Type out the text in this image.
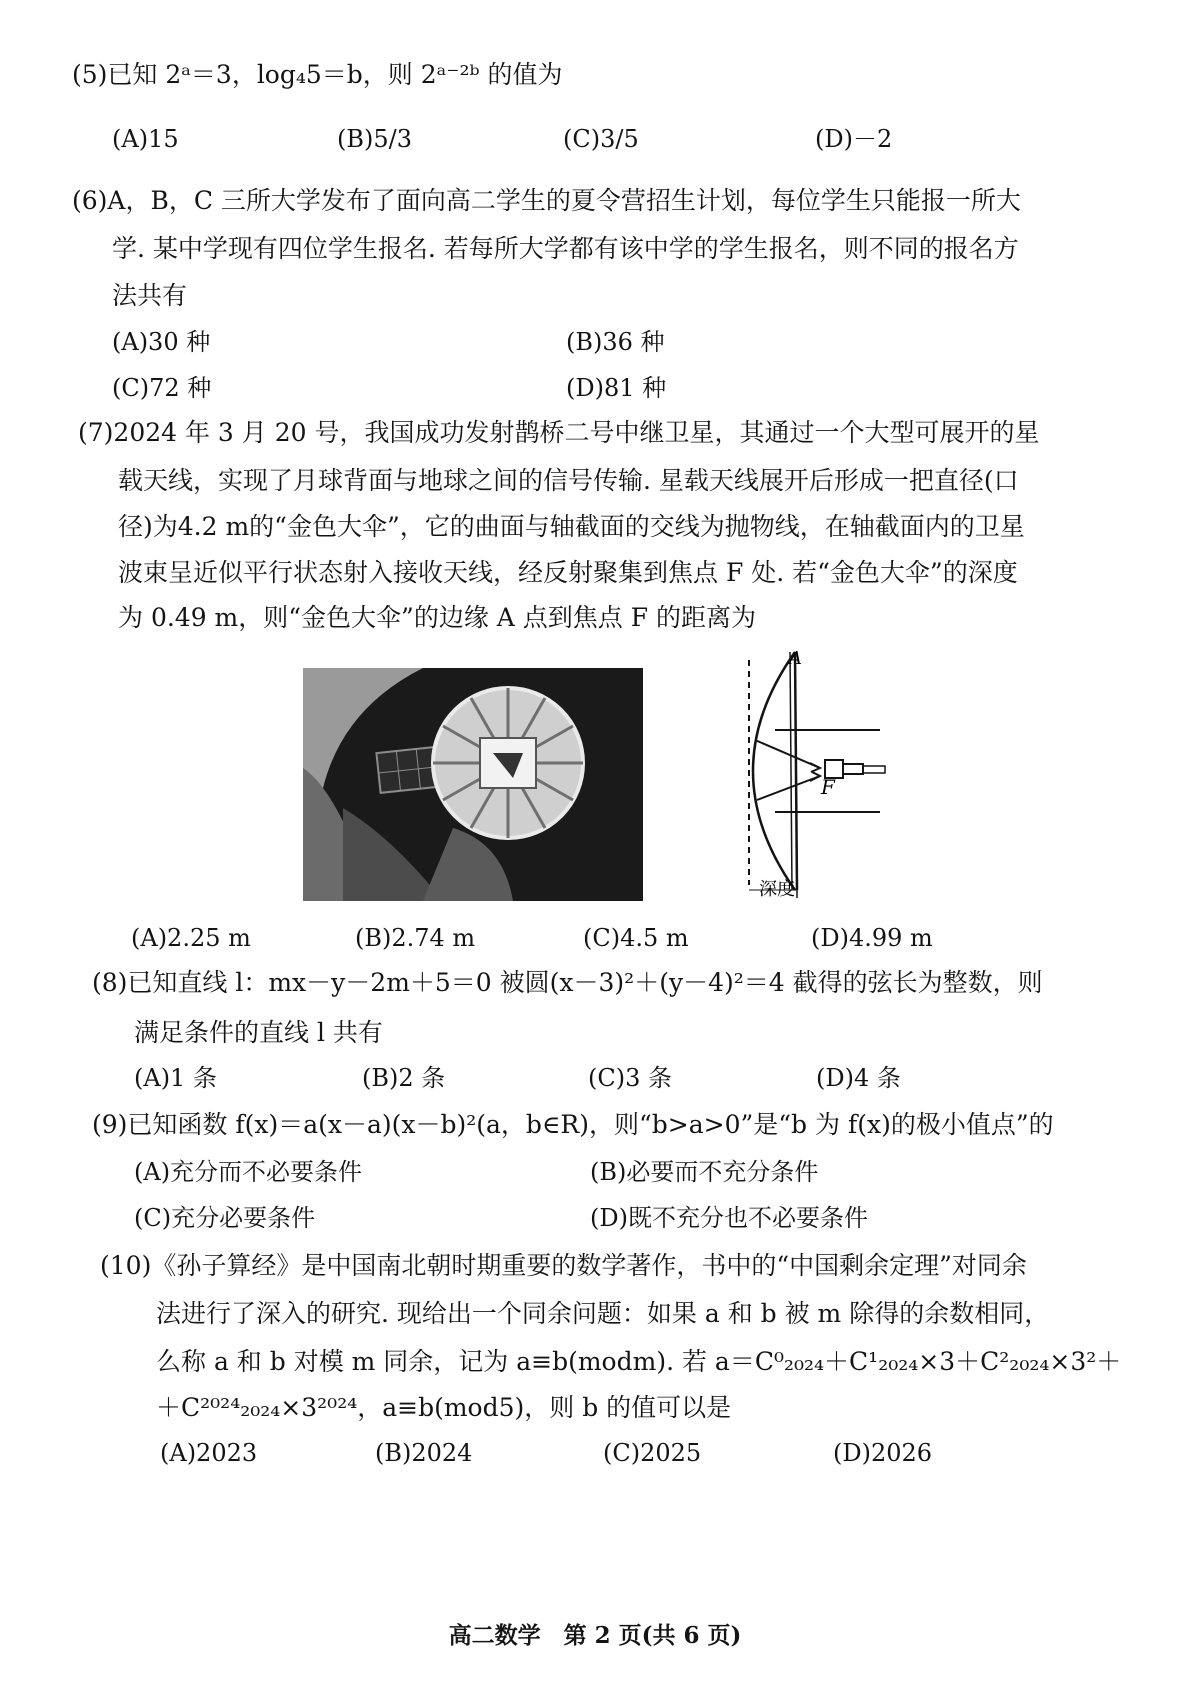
(5)已知 2ᵃ＝3，log₄5＝b，则 2ᵃ⁻²ᵇ 的值为
(A)15	(B)5/3	(C)3/5	(D)－2
(6)A，B，C 三所大学发布了面向高二学生的夏令营招生计划，每位学生只能报一所大
学. 某中学现有四位学生报名. 若每所大学都有该中学的学生报名，则不同的报名方
法共有
(A)30 种	(B)36 种
(C)72 种	(D)81 种
(7)2024 年 3 月 20 号，我国成功发射鹊桥二号中继卫星，其通过一个大型可展开的星
载天线，实现了月球背面与地球之间的信号传输. 星载天线展开后形成一把直径(口
径)为4.2 m的“金色大伞”，它的曲面与轴截面的交线为抛物线，在轴截面内的卫星
波束呈近似平行状态射入接收天线，经反射聚集到焦点 F 处. 若“金色大伞”的深度
为 0.49 m，则“金色大伞”的边缘 A 点到焦点 F 的距离为
A
F
深度
(A)2.25 m	(B)2.74 m	(C)4.5 m	(D)4.99 m
(8)已知直线 l：mx－y－2m＋5＝0 被圆(x－3)²＋(y－4)²＝4 截得的弦长为整数，则
满足条件的直线 l 共有
(A)1 条	(B)2 条	(C)3 条	(D)4 条
(9)已知函数 f(x)＝a(x－a)(x－b)²(a，b∈R)，则“b>a>0”是“b 为 f(x)的极小值点”的
(A)充分而不必要条件	(B)必要而不充分条件
(C)充分必要条件	(D)既不充分也不必要条件
(10)《孙子算经》是中国南北朝时期重要的数学著作，书中的“中国剩余定理”对同余
法进行了深入的研究. 现给出一个同余问题：如果 a 和 b 被 m 除得的余数相同，
么称 a 和 b 对模 m 同余，记为 a≡b(modm). 若 a＝C⁰₂₀₂₄＋C¹₂₀₂₄×3＋C²₂₀₂₄×3²＋
＋C²⁰²⁴₂₀₂₄×3²⁰²⁴，a≡b(mod5)，则 b 的值可以是
(A)2023	(B)2024	(C)2025	(D)2026
高二数学　第 2 页(共 6 页)
